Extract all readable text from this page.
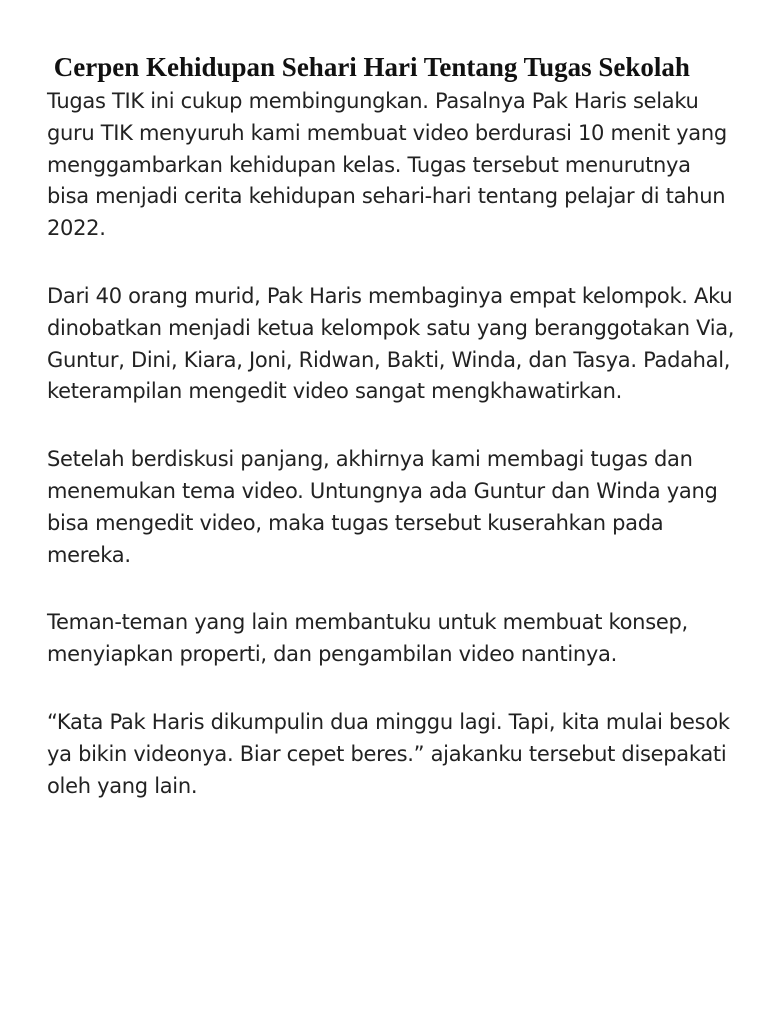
Cerpen Kehidupan Sehari Hari Tentang Tugas Sekolah

Tugas TIK ini cukup membingungkan. Pasalnya Pak Haris selaku guru TIK menyuruh kami membuat video berdurasi 10 menit yang menggambarkan kehidupan kelas. Tugas tersebut menurutnya bisa menjadi cerita kehidupan sehari-hari tentang pelajar di tahun 2022.

Dari 40 orang murid, Pak Haris membaginya empat kelompok. Aku dinobatkan menjadi ketua kelompok satu yang beranggotakan Via, Guntur, Dini, Kiara, Joni, Ridwan, Bakti, Winda, dan Tasya. Padahal, keterampilan mengedit video sangat mengkhawatirkan.

Setelah berdiskusi panjang, akhirnya kami membagi tugas dan menemukan tema video. Untungnya ada Guntur dan Winda yang bisa mengedit video, maka tugas tersebut kuserahkan pada mereka.

Teman-teman yang lain membantuku untuk membuat konsep, menyiapkan properti, dan pengambilan video nantinya.

“Kata Pak Haris dikumpulin dua minggu lagi. Tapi, kita mulai besok ya bikin videonya. Biar cepet beres.” ajakanku tersebut disepakati oleh yang lain.
